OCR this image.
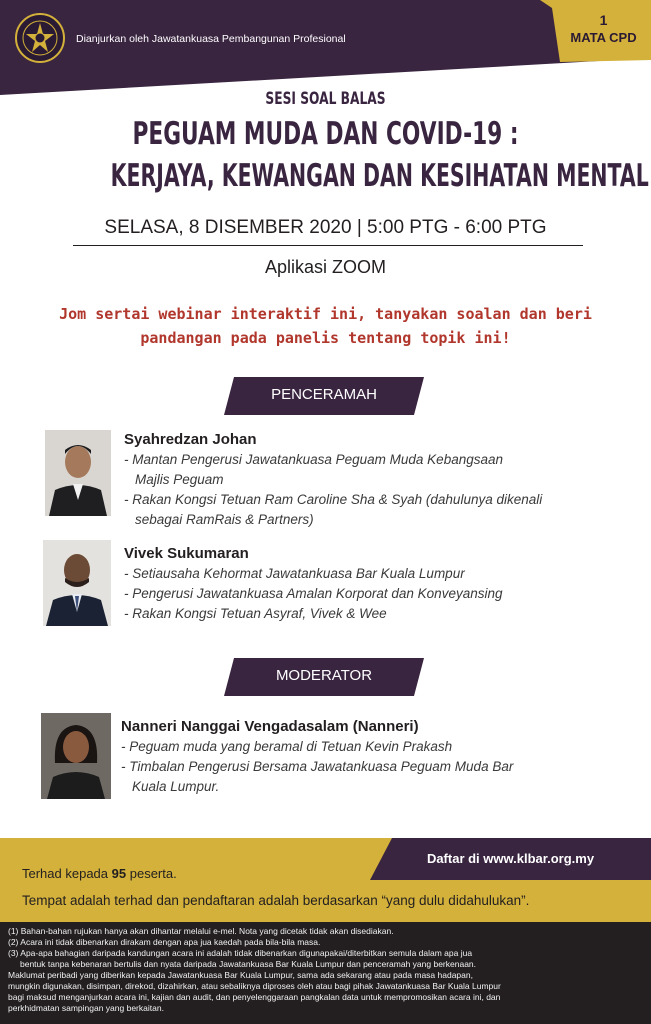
Dianjurkan oleh Jawatankuasa Pembangunan Profesional
1
MATA CPD
SESI SOAL BALAS
PEGUAM MUDA DAN COVID-19 :
KERJAYA, KEWANGAN DAN KESIHATAN MENTAL
SELASA, 8 DISEMBER 2020 | 5:00 PTG - 6:00 PTG
Aplikasi ZOOM
Jom sertai webinar interaktif ini, tanyakan soalan dan beri
pandangan pada panelis tentang topik ini!
PENCERAMAH
Syahredzan Johan
- Mantan Pengerusi Jawatankuasa Peguam Muda Kebangsaan
Majlis Peguam
- Rakan Kongsi Tetuan Ram Caroline Sha & Syah (dahulunya dikenali
sebagai RamRais & Partners)
Vivek Sukumaran
- Setiausaha Kehormat Jawatankuasa Bar Kuala Lumpur
- Pengerusi Jawatankuasa Amalan Korporat dan Konveyansing
- Rakan Kongsi Tetuan Asyraf, Vivek & Wee
MODERATOR
Nanneri Nanggai Vengadasalam (Nanneri)
- Peguam muda yang beramal di Tetuan Kevin Prakash
- Timbalan Pengerusi Bersama Jawatankuasa Peguam Muda Bar
Kuala Lumpur.
Daftar di www.klbar.org.my
Terhad kepada 95 peserta.
Tempat adalah terhad dan pendaftaran adalah berdasarkan “yang dulu didahulukan”.

(1) Bahan-bahan rujukan hanya akan dihantar melalui e-mel. Nota yang dicetak tidak akan disediakan.

(2) Acara ini tidak dibenarkan dirakam dengan apa jua kaedah pada bila-bila masa.

(3) Apa-apa bahagian daripada kandungan acara ini adalah tidak dibenarkan digunapakai/diterbitkan semula dalam apa jua

bentuk tanpa kebenaran bertulis dan nyata daripada Jawatankuasa Bar Kuala Lumpur dan penceramah yang berkenaan.

Maklumat peribadi yang diberikan kepada Jawatankuasa Bar Kuala Lumpur, sama ada sekarang atau pada masa hadapan,

mungkin digunakan, disimpan, direkod, dizahirkan, atau sebaliknya diproses oleh atau bagi pihak Jawatankuasa Bar Kuala Lumpur

bagi maksud menganjurkan acara ini, kajian dan audit, dan penyelenggaraan pangkalan data untuk mempromosikan acara ini, dan

perkhidmatan sampingan yang berkaitan.
